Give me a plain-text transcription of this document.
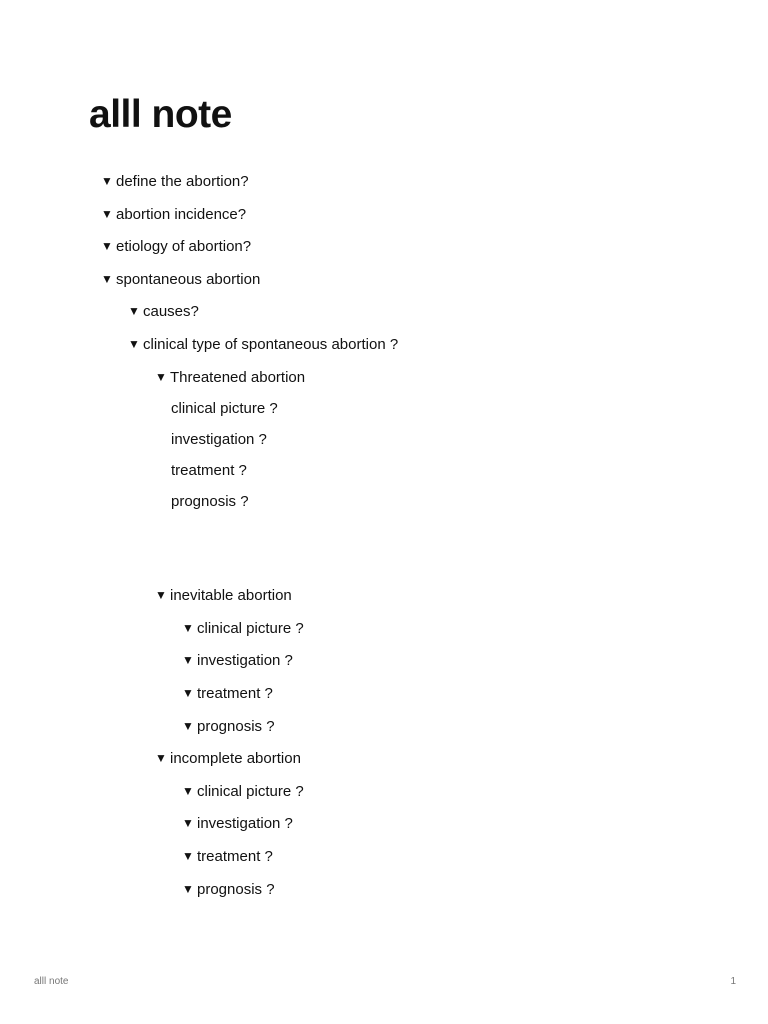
alll note
▼ define the abortion?
▼ abortion incidence?
▼ etiology of abortion?
▼ spontaneous abortion
▼ causes?
▼ clinical type of spontaneous abortion ?
▼ Threatened abortion
clinical picture ?
investigation ?
treatment ?
prognosis ?
▼ inevitable abortion
▼ clinical picture ?
▼ investigation ?
▼ treatment ?
▼ prognosis ?
▼ incomplete abortion
▼ clinical picture ?
▼ investigation ?
▼ treatment ?
▼ prognosis ?
alll note	1
